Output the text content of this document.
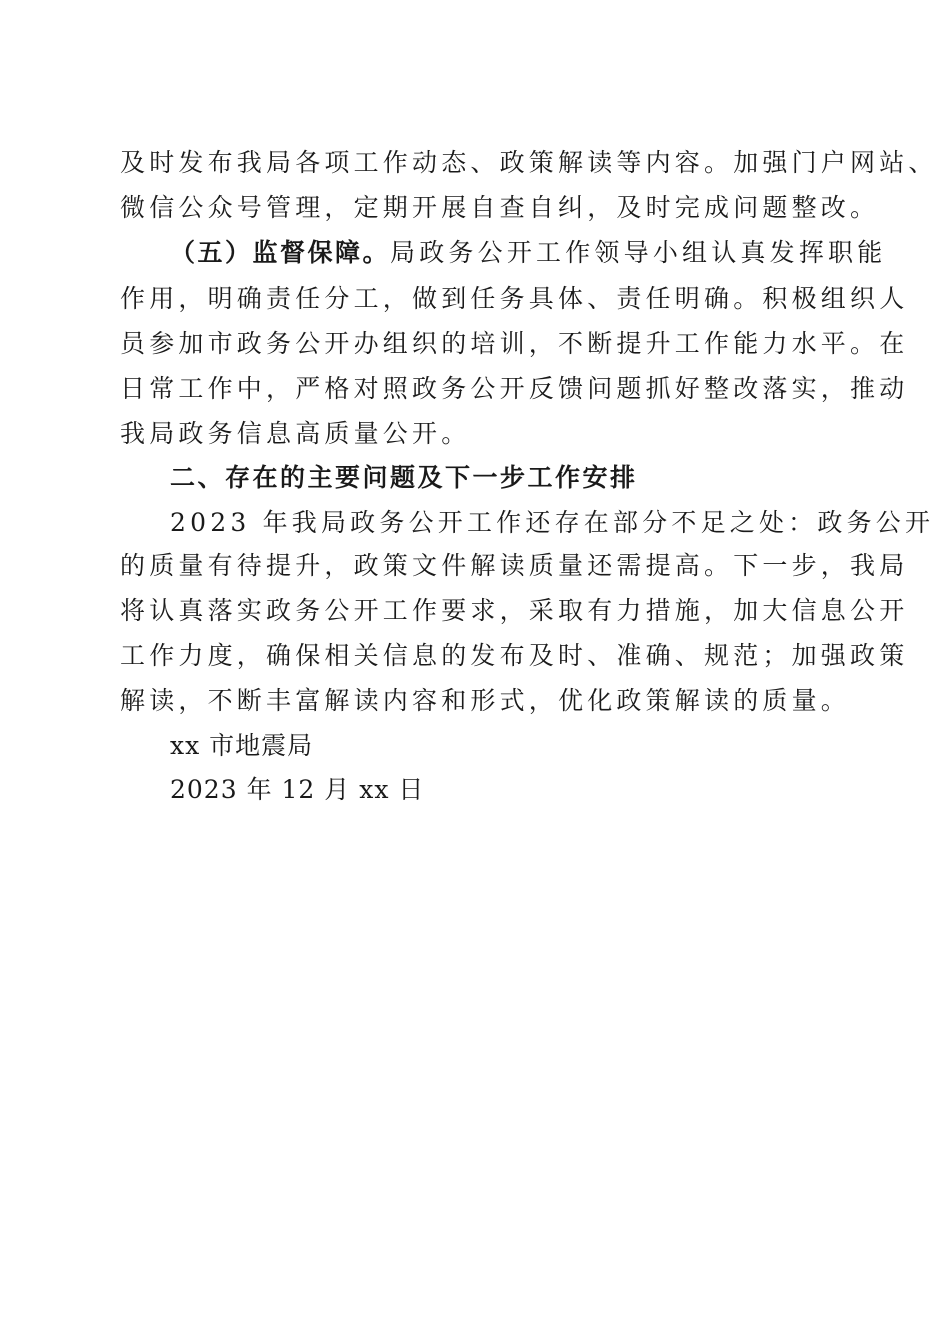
及时发布我局各项工作动态、政策解读等内容。加强门户网站、
微信公众号管理，定期开展自查自纠，及时完成问题整改。
（五）监督保障。局政务公开工作领导小组认真发挥职能
作用，明确责任分工，做到任务具体、责任明确。积极组织人
员参加市政务公开办组织的培训，不断提升工作能力水平。在
日常工作中，严格对照政务公开反馈问题抓好整改落实，推动
我局政务信息高质量公开。
二、存在的主要问题及下一步工作安排
2023 年我局政务公开工作还存在部分不足之处：政务公开
的质量有待提升，政策文件解读质量还需提高。下一步，我局
将认真落实政务公开工作要求，采取有力措施，加大信息公开
工作力度，确保相关信息的发布及时、准确、规范；加强政策
解读，不断丰富解读内容和形式，优化政策解读的质量。
xx 市地震局
2023 年 12 月 xx 日
